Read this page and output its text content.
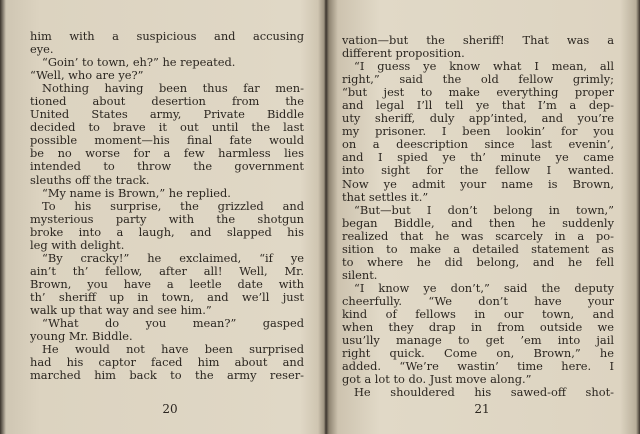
him with a suspicious and accusing
eye.
“Goin’ to town, eh?” he repeated.
“Well, who are ye?”
Nothing having been thus far men-
tioned about desertion from the
United States army, Private Biddle
decided to brave it out until the last
possible moment—his final fate would
be no worse for a few harmless lies
intended to throw the government
sleuths off the track.
“My name is Brown,” he replied.
To his surprise, the grizzled and
mysterious party with the shotgun
broke into a laugh, and slapped his
leg with delight.
“By cracky!” he exclaimed, “if ye
ain’t th’ fellow, after all! Well, Mr.
Brown, you have a leetle date with
th’ sheriff up in town, and we’ll just
walk up that way and see him.”
“What do you mean?” gasped
young Mr. Biddle.
He would not have been surprised
had his captor faced him about and
marched him back to the army reser-
20
vation—but the sheriff! That was a
different proposition.
“I guess ye know what I mean, all
right,” said the old fellow grimly;
“but jest to make everything proper
and legal I’ll tell ye that I’m a dep-
uty sheriff, duly app’inted, and you’re
my prisoner. I been lookin’ for you
on a deescription since last evenin’,
and I spied ye th’ minute ye came
into sight for the fellow I wanted.
Now ye admit your name is Brown,
that settles it.”
“But—but I don’t belong in town,”
began Biddle, and then he suddenly
realized that he was scarcely in a po-
sition to make a detailed statement as
to where he did belong, and he fell
silent.
“I know ye don’t,” said the deputy
cheerfully. “We don’t have your
kind of fellows in our town, and
when they drap in from outside we
usu’lly manage to get ’em into jail
right quick. Come on, Brown,” he
added. “We’re wastin’ time here. I
got a lot to do. Just move along.”
He shouldered his sawed-off shot-
21
